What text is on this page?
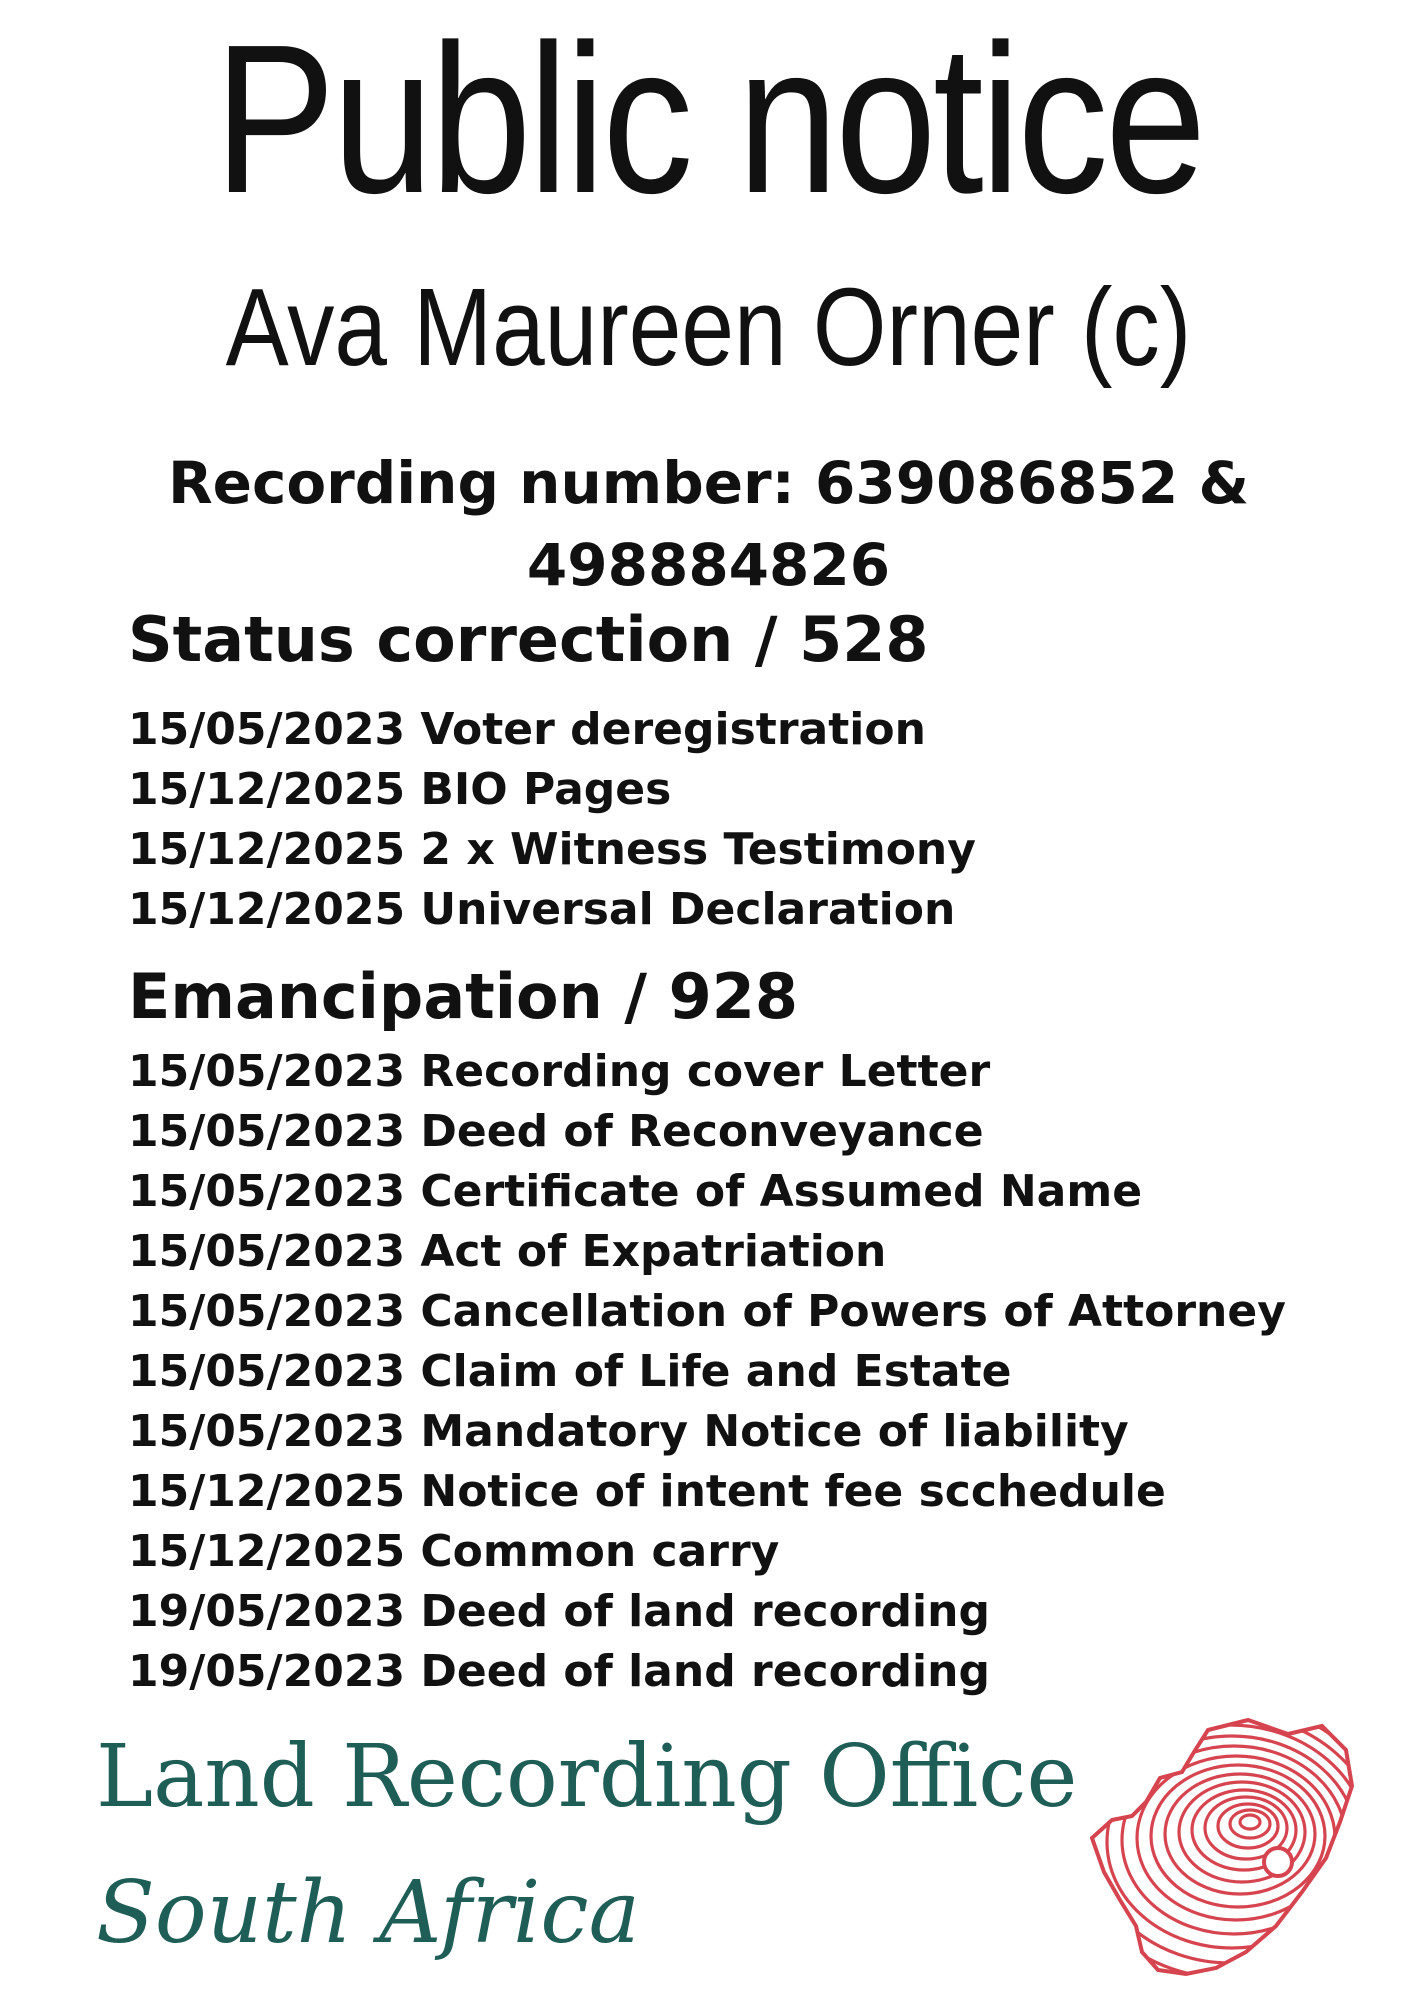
Public notice
Ava Maureen Orner (c)
Recording number: 639086852 &
498884826
Status correction / 528
15/05/2023 Voter deregistration
15/12/2025 BIO Pages
15/12/2025 2 x Witness Testimony
15/12/2025 Universal Declaration
Emancipation / 928
15/05/2023 Recording cover Letter
15/05/2023 Deed of Reconveyance
15/05/2023 Certificate of Assumed Name
15/05/2023 Act of Expatriation
15/05/2023 Cancellation of Powers of Attorney
15/05/2023 Claim of Life and Estate
15/05/2023 Mandatory Notice of liability
15/12/2025 Notice of intent fee scchedule
15/12/2025 Common carry
19/05/2023 Deed of land recording
19/05/2023 Deed of land recording
Land Recording Office
South Africa
